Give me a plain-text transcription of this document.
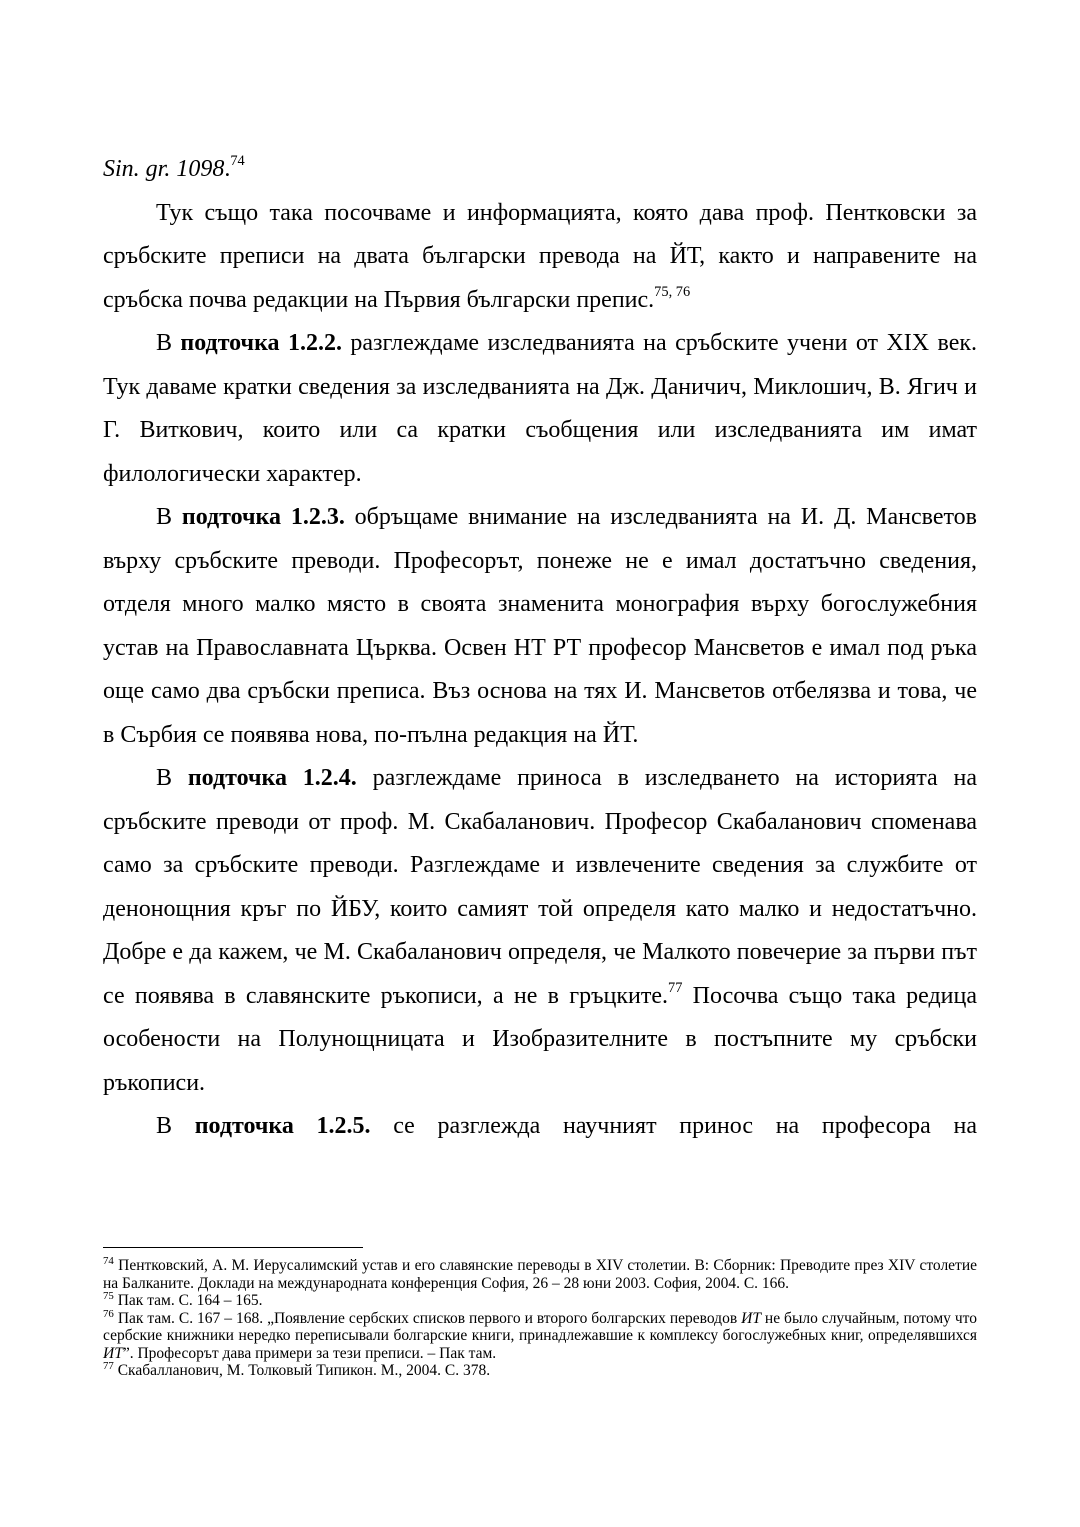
Sin. gr. 1098.74

Тук също така посочваме и информацията, която дава проф. Пентковски за сръбските преписи на двата български превода на ЙТ, както и направените на сръбска почва редакции на Първия български препис.$^{75, 76}$

В подточка 1.2.2. разглеждаме изследванията на сръбските учени от XIX век. Тук даваме кратки сведения за изследванията на Дж. Даничич, Миклошич, В. Ягич и Г. Виткович, които или са кратки съобщения или изследванията им имат филологически характер.

В подточка 1.2.3. обръщаме внимание на изследванията на И. Д. Мансветов върху сръбските преводи. Професорът, понеже не е имал достатъчно сведения, отделя много малко място в своята знаменита монография върху богослужебния устав на Православната Църква. Освен НТ РТ професор Мансветов е имал под ръка още само два сръбски преписа. Въз основа на тях И. Мансветов отбелязва и това, че в Сърбия се появява нова, по-пълна редакция на ЙТ.

В подточка 1.2.4. разглеждаме приноса в изследването на историята на сръбските преводи от проф. М. Скабаланович. Професор Скабаланович споменава само за сръбските преводи. Разглеждаме и извлечените сведения за службите от денонощния кръг по ЙБУ, които самият той определя като малко и недостатъчно. Добре е да кажем, че М. Скабаланович определя, че Малкото повечерие за първи път се появява в славянските ръкописи, а не в гръцките.$^{77}$ Посочва също така редица особености на Полунощницата и Изобразителните в постъпните му сръбски ръкописи.

В подточка 1.2.5. се разглежда научният принос на професора на

$^{74}$ Пентковский, А. М. Иерусалимский устав и его славянские переводы в XIV столетии. В: Сборник: Преводите през XIV столетие на Балканите. Доклади на международната конференция София, 26 – 28 юни 2003. София, 2004. С. 166.

$^{75}$ Пак там. С. 164 – 165.

$^{76}$ Пак там. С. 167 – 168. „Появление сербских списков первого и второго болгарских переводов ИТ не было случайным, потому что сербские книжники нередко переписывали болгарские книги, принадлежавшие к комплексу богослужебных книг, определявшихся ИТ”. Професорът дава примери за тези преписи. – Пак там.

$^{77}$ Скабалланович, М. Толковый Типикон. М., 2004. С. 378.
